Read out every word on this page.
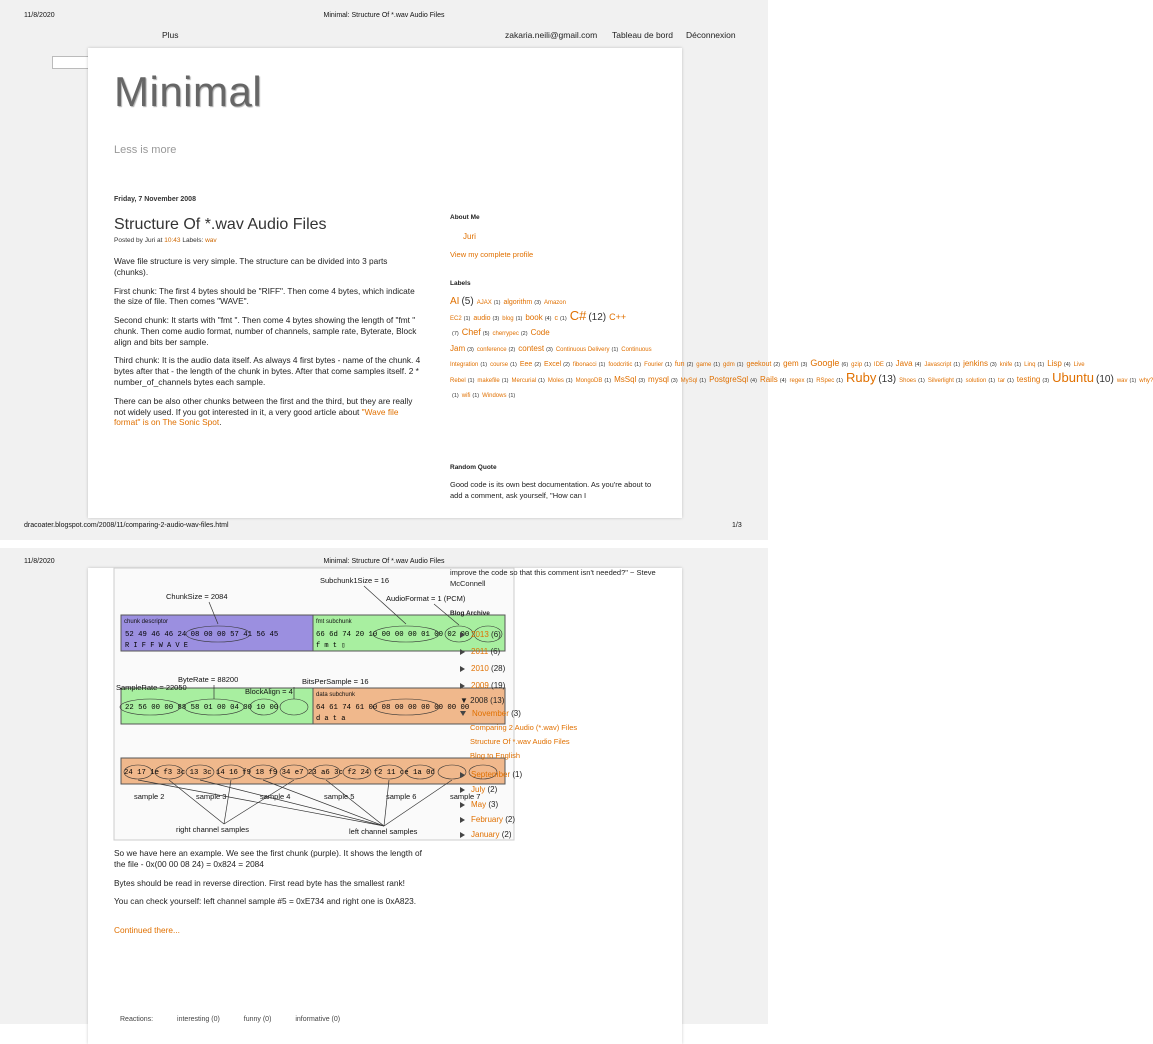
11/8/2020	Minimal: Structure Of *.wav Audio Files
Plus	zakaria.neili@gmail.com Tableau de bord Déconnexion
Minimal
Less is more
Friday, 7 November 2008
Structure Of *.wav Audio Files
Posted by Juri at 10:43 Labels: wav

Wave file structure is very simple. The structure can be divided into 3 parts (chunks).

First chunk: The first 4 bytes should be "RIFF". Then come 4 bytes, which indicate the size of file. Then comes "WAVE".

Second chunk: It starts with "fmt ". Then come 4 bytes showing the length of "fmt " chunk. Then come audio format, number of channels, sample rate, Byterate, Block align and bits ber sample.

Third chunk: It is the audio data itself. As always 4 first bytes - name of the chunk. 4 bytes after that - the length of the chunk in bytes. After that come samples itself. 2 * number_of_channels bytes each sample.

There can be also other chunks between the first and the third, but they are really not widely used. If you got interested in it, a very good article about "Wave file format" is on The Sonic Spot.

About Me
Juri
View my complete profile
Labels
AI (5) AJAX (1) algorithm (3) Amazon EC2 (1) audio (3) blog (1) book (4) c (1) C# (12) C++(7) Chef (5) cherrypec (2) Code Jam (3) conference (2) contest (3) Continuous Delivery (1) Continuous Integration (1) course (1) Eee (2) Excel (2) fibonacci (1) foodcritic (1) Fourier (1) fun (2) game (1) gdm (1) geekout (2) gem (3) Google (6) gzip (1) IDE (1) Java (4) Javascript (1) jenkins (3) knife (1) Linq (1) Lisp (4) Live Rebel (1) makefile (1) Mercurial (1) Moles (1) MongoDB (1) MsSql (3) mysql (3) MySql (1) PostgreSql (4) Rails (4) regex (1) RSpec (1) Ruby (13) Shoes (1) Silverlight (1) solution (1) tar (1) testing (3) Ubuntu (10) wav (1) why?(1) wifi (1) Windows (1)
Random Quote
Good code is its own best documentation. As you're about to add a comment, ask yourself, "How can I
dracoater.blogspot.com/2008/11/comparing-2-audio-wav-files.html	1/3
11/8/2020	Minimal: Structure Of *.wav Audio Files
chunk descriptor	fmt subchunk
52 49 46 46 24 08 00 00 57 41 56 45
R I F F W A V E
66 6d 74 20 10 00 00 00 01 00 02 00
f m t ▯
ChunkSize = 2084
Subchunk1Size = 16
AudioFormat = 1 (PCM)
data subchunk
22 56 00 00 88 58 01 00 04 00 10 00	64 61 74 61 00 08 00 00 00 00 00 00
d a t a
ByteRate = 88200
SampleRate = 22050	BlockAlign = 4
BitsPerSample = 16
24 17 1e f3 3c 13 3c 14 16 f9 18 f9 34 e7 23 a6 3c f2 24 f2 11 ce 1a 0d
sample 2	sample 3	sample 4	sample 5	sample 6	sample 7
right channel samples	left channel samples

So we have here an example. We see the first chunk (purple). It shows the length of the file - 0x(00 00 08 24) = 0x824 = 2084

Bytes should be read in reverse direction. First read byte has the smallest rank!

You can check yourself: left channel sample #5 = 0xE734 and right one is 0xA823.

Continued there...

Reactions:	interesting (0)	funny (0)	informative (0)
improve the code so that this comment isn't needed?" ~ Steve McConnell
Blog Archive
2013 (6)
2011 (6)
2010 (28)
2009 (19)
▼ 2008 (13)
November (3)
Comparing 2 Audio (*.wav) Files
Structure Of *.wav Audio Files
Blog to English
September (1)
July (2)
May (3)
February (2)
January (2)
